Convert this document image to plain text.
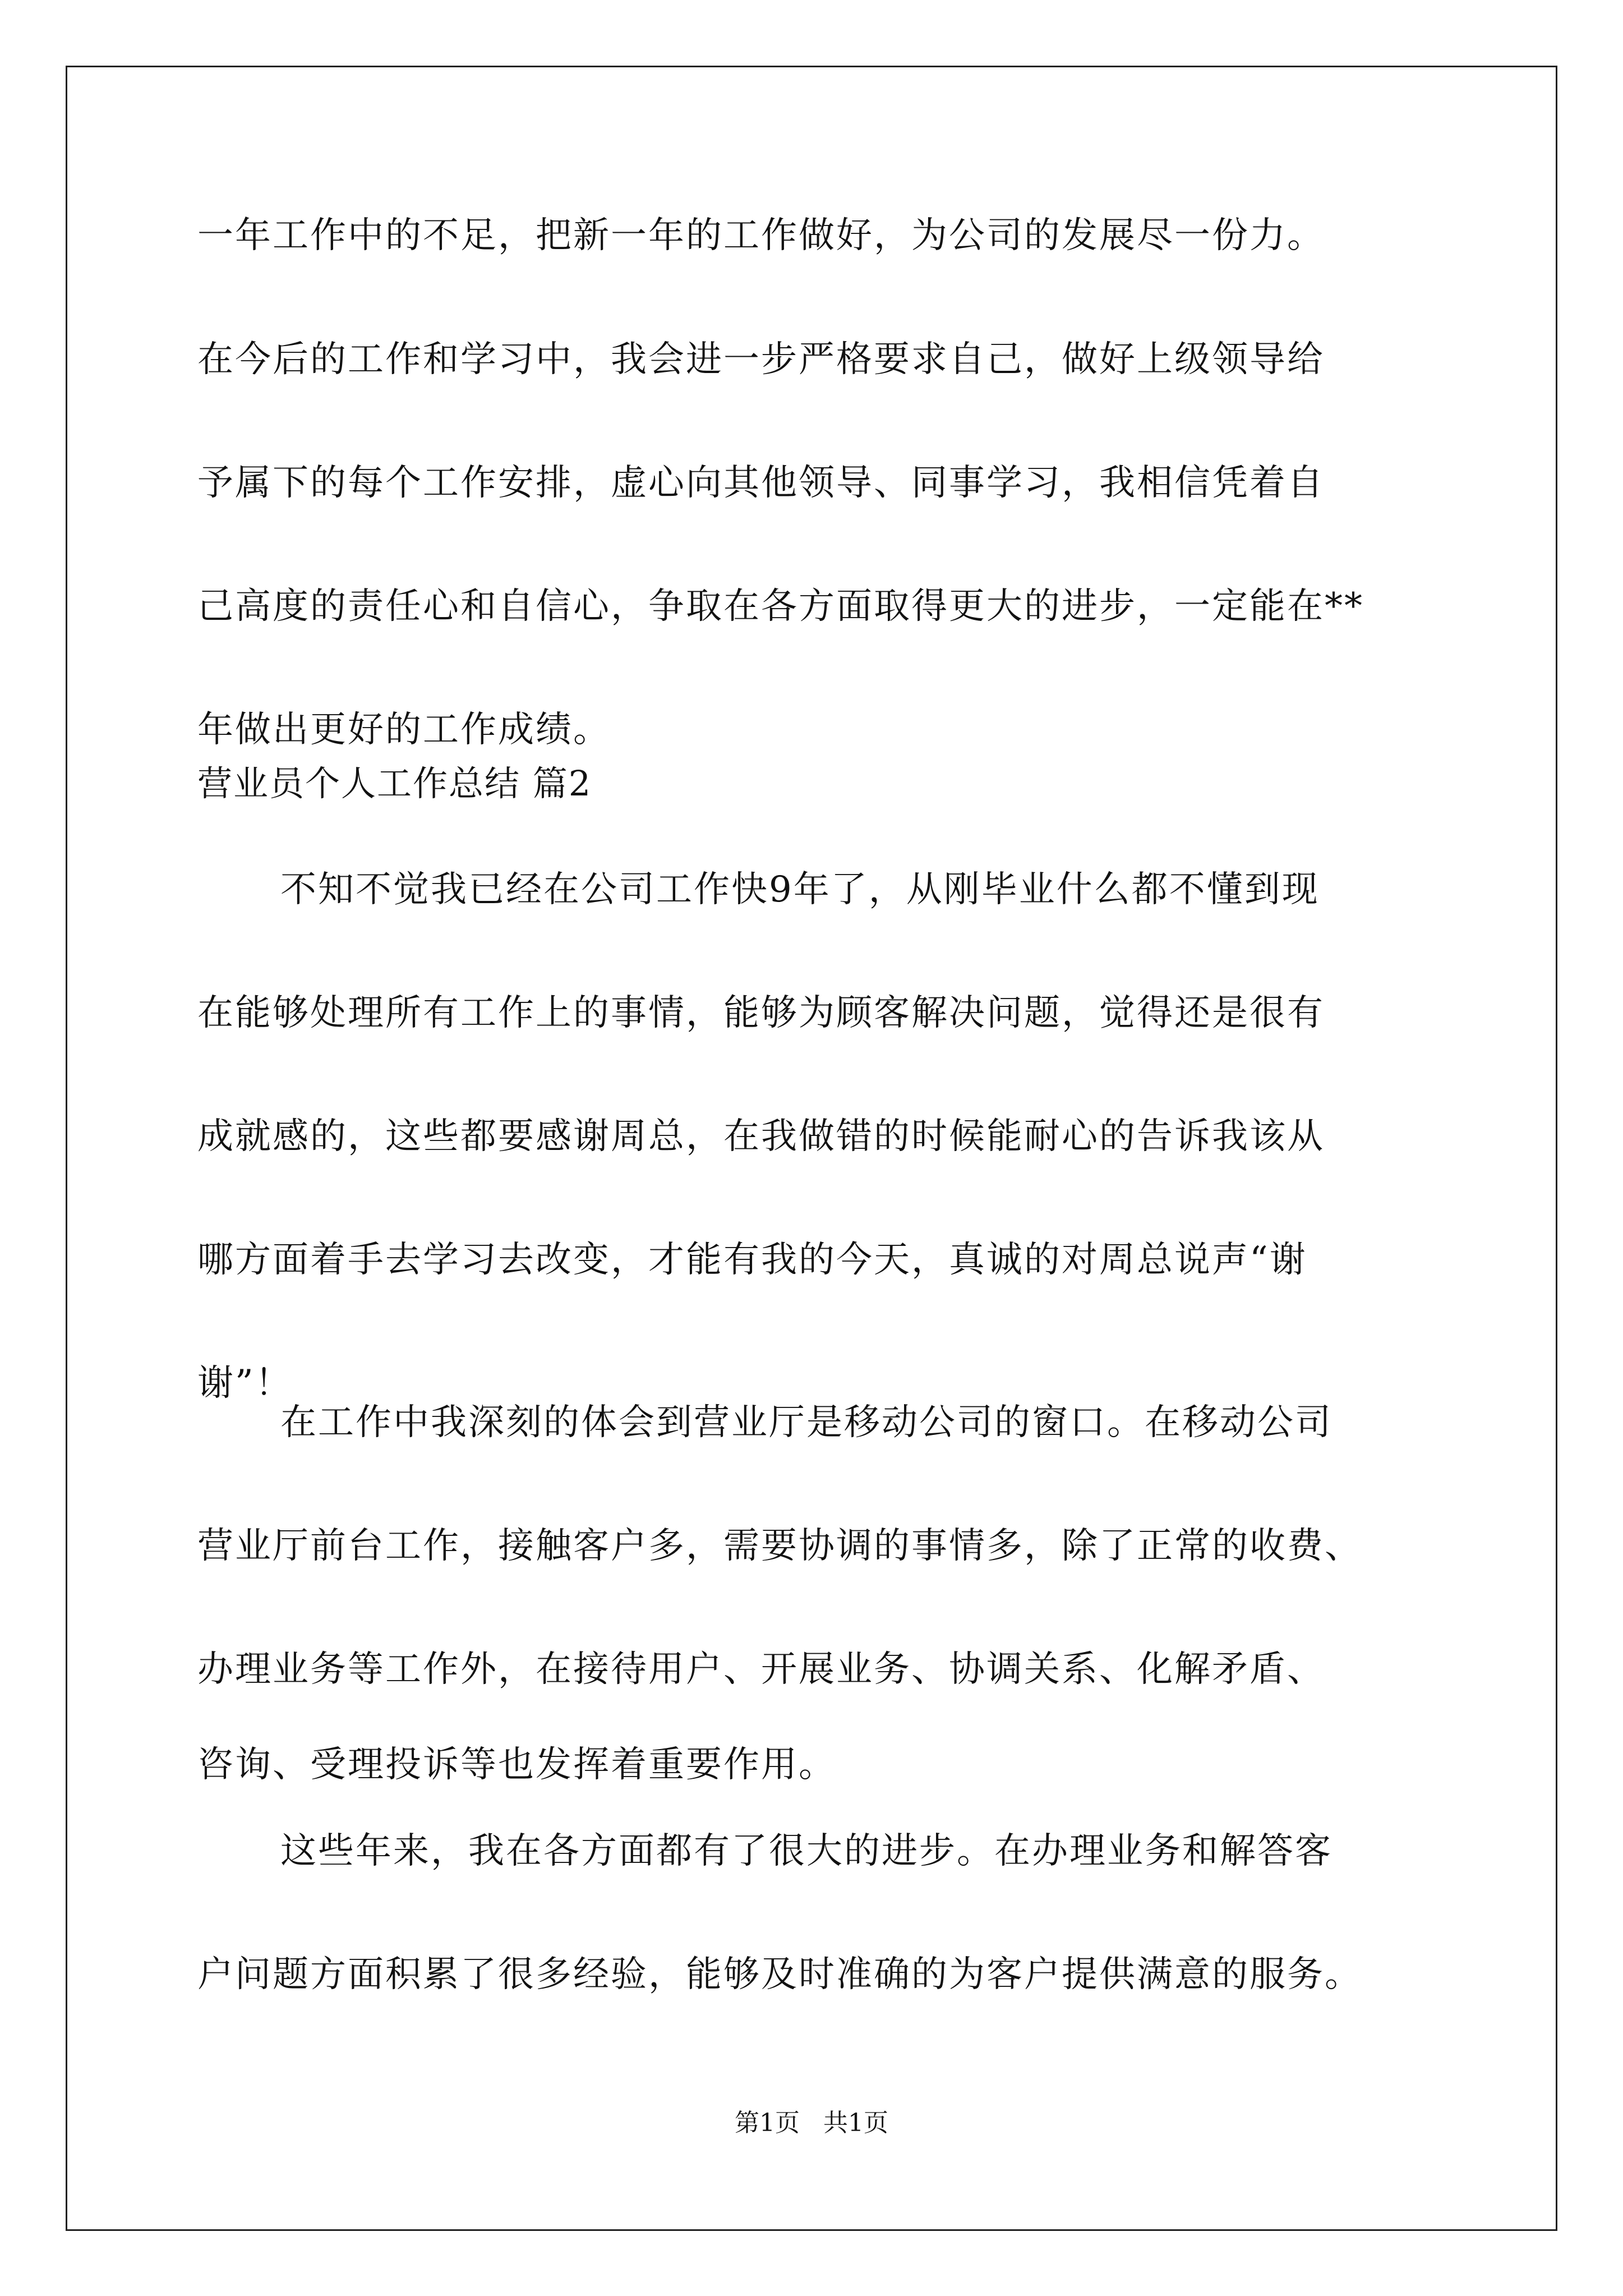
一年工作中的不足，把新一年的工作做好，为公司的发展尽一份力。
在今后的工作和学习中，我会进一步严格要求自己，做好上级领导给
予属下的每个工作安排，虚心向其他领导、同事学习，我相信凭着自
己高度的责任心和自信心，争取在各方面取得更大的进步，一定能在**
年做出更好的工作成绩。
营业员个人工作总结 篇2
不知不觉我已经在公司工作快9年了，从刚毕业什么都不懂到现
在能够处理所有工作上的事情，能够为顾客解决问题，觉得还是很有
成就感的，这些都要感谢周总，在我做错的时候能耐心的告诉我该从
哪方面着手去学习去改变，才能有我的今天，真诚的对周总说声“谢
谢”！
在工作中我深刻的体会到营业厅是移动公司的窗口。在移动公司
营业厅前台工作，接触客户多，需要协调的事情多，除了正常的收费、
办理业务等工作外，在接待用户、开展业务、协调关系、化解矛盾、
咨询、受理投诉等也发挥着重要作用。
这些年来，我在各方面都有了很大的进步。在办理业务和解答客
户问题方面积累了很多经验，能够及时准确的为客户提供满意的服务。
第1页   共1页
